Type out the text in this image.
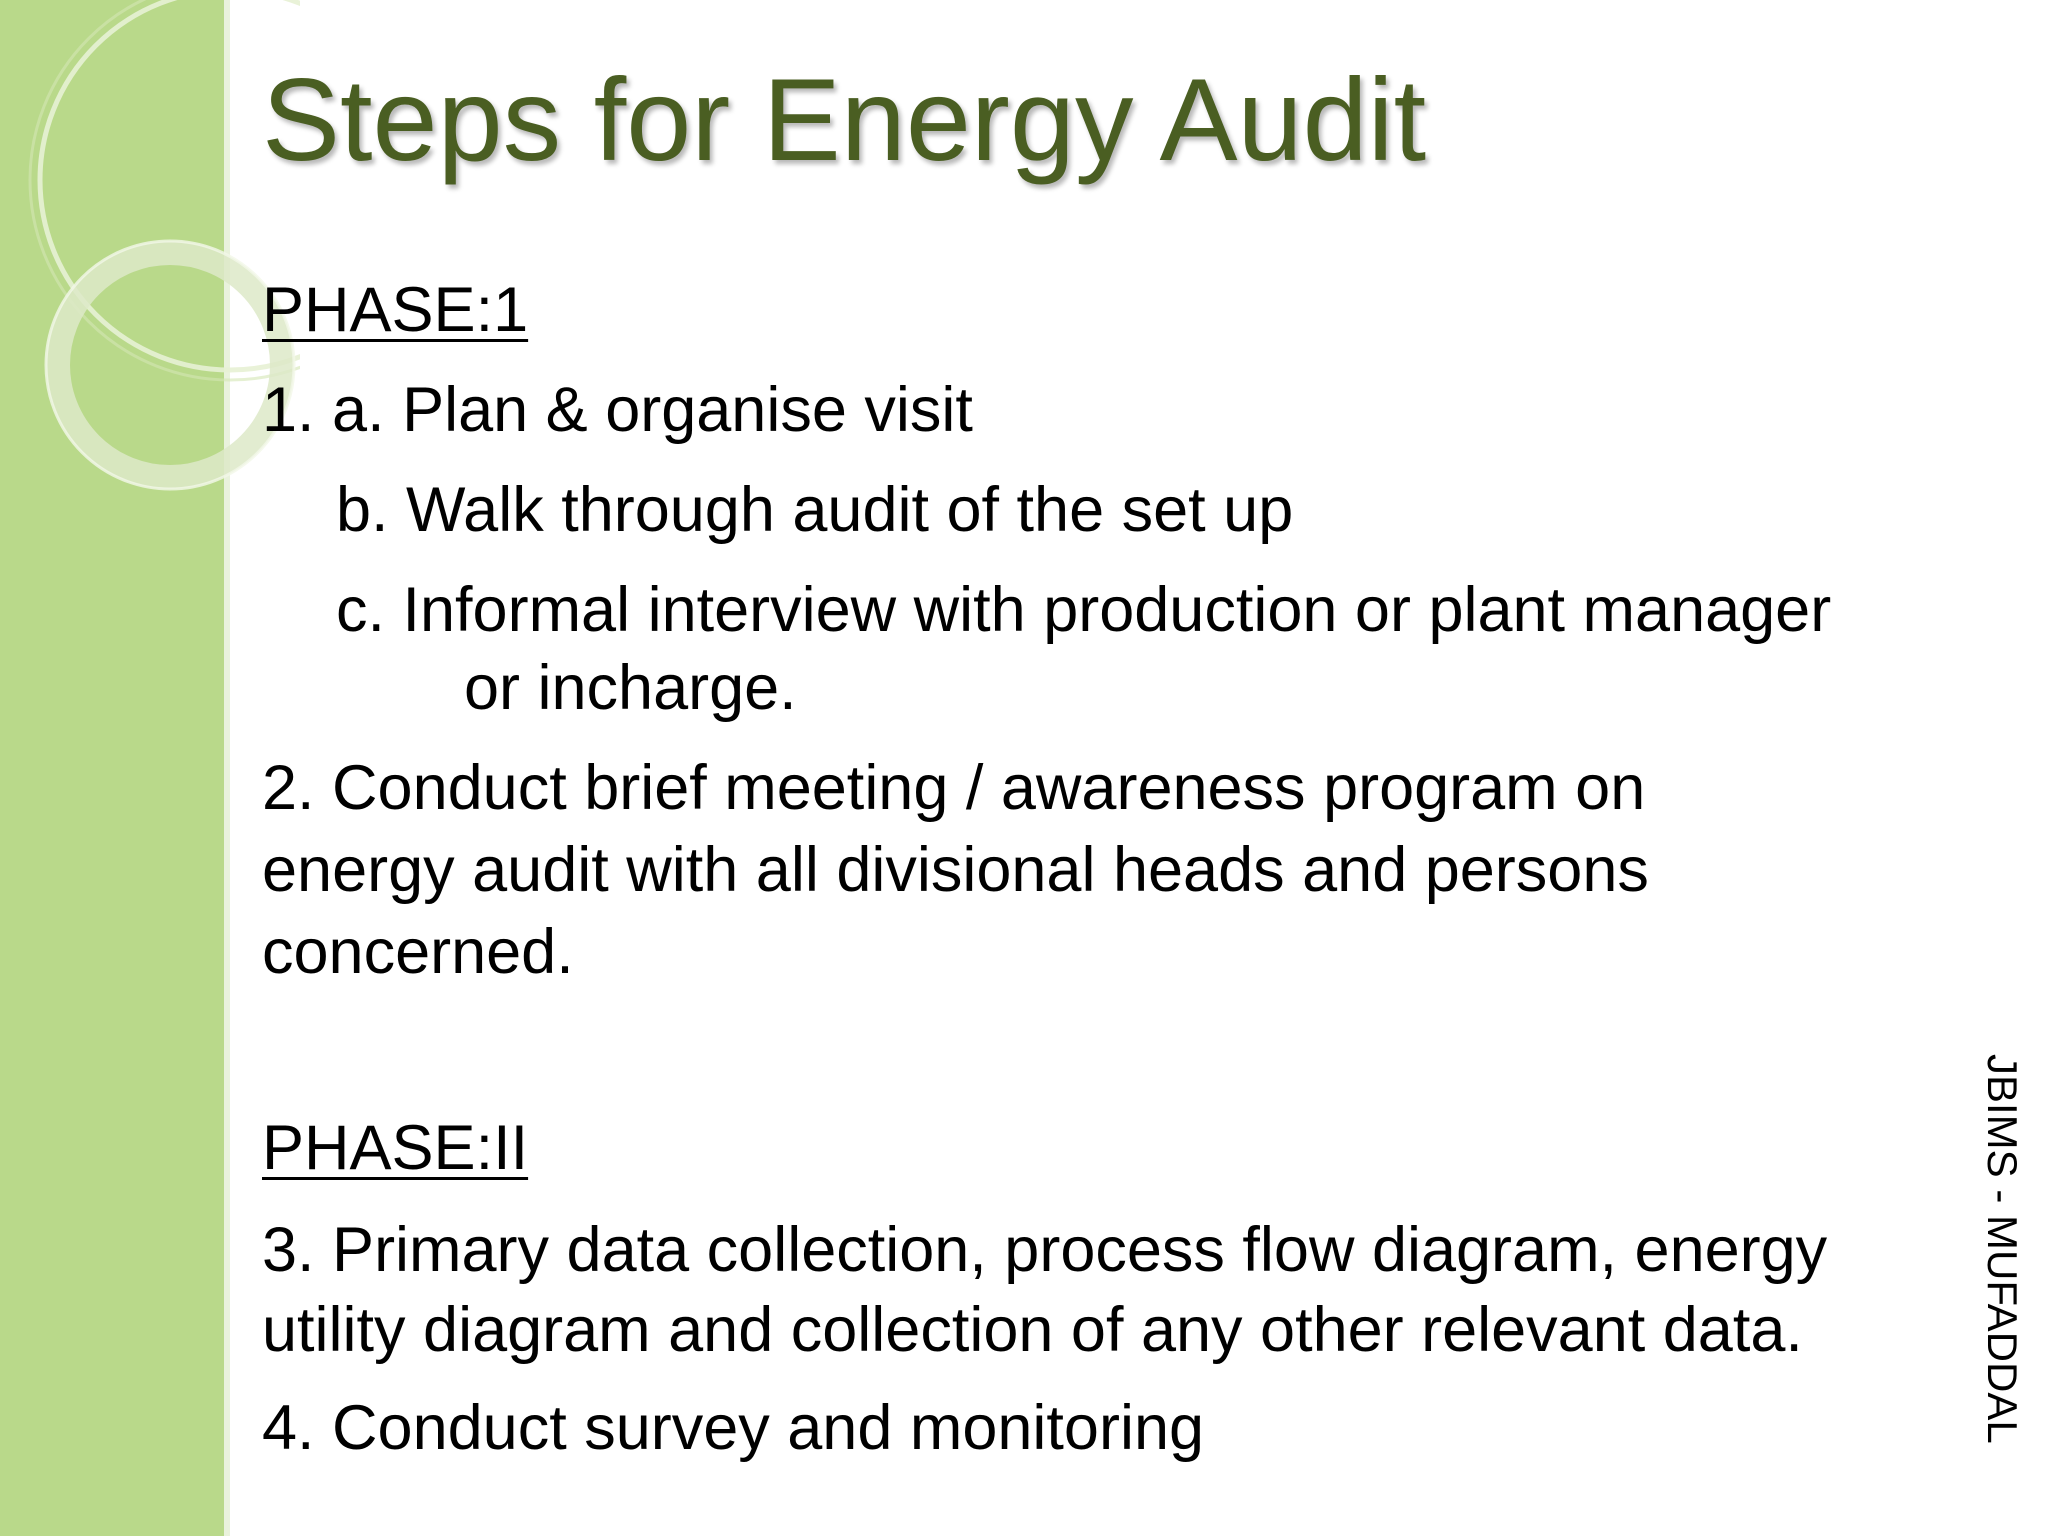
Steps for Energy Audit

PHASE:1

1. a. Plan & organise visit

b. Walk through audit of the set up

c. Informal interview with production or plant manager

or incharge.

2. Conduct brief meeting / awareness program on

energy audit with all divisional heads and persons

concerned.

PHASE:II

3. Primary data collection, process flow diagram, energy

utility diagram and collection of any other relevant data.

4. Conduct survey and monitoring	JBIMS - MUFADDAL
